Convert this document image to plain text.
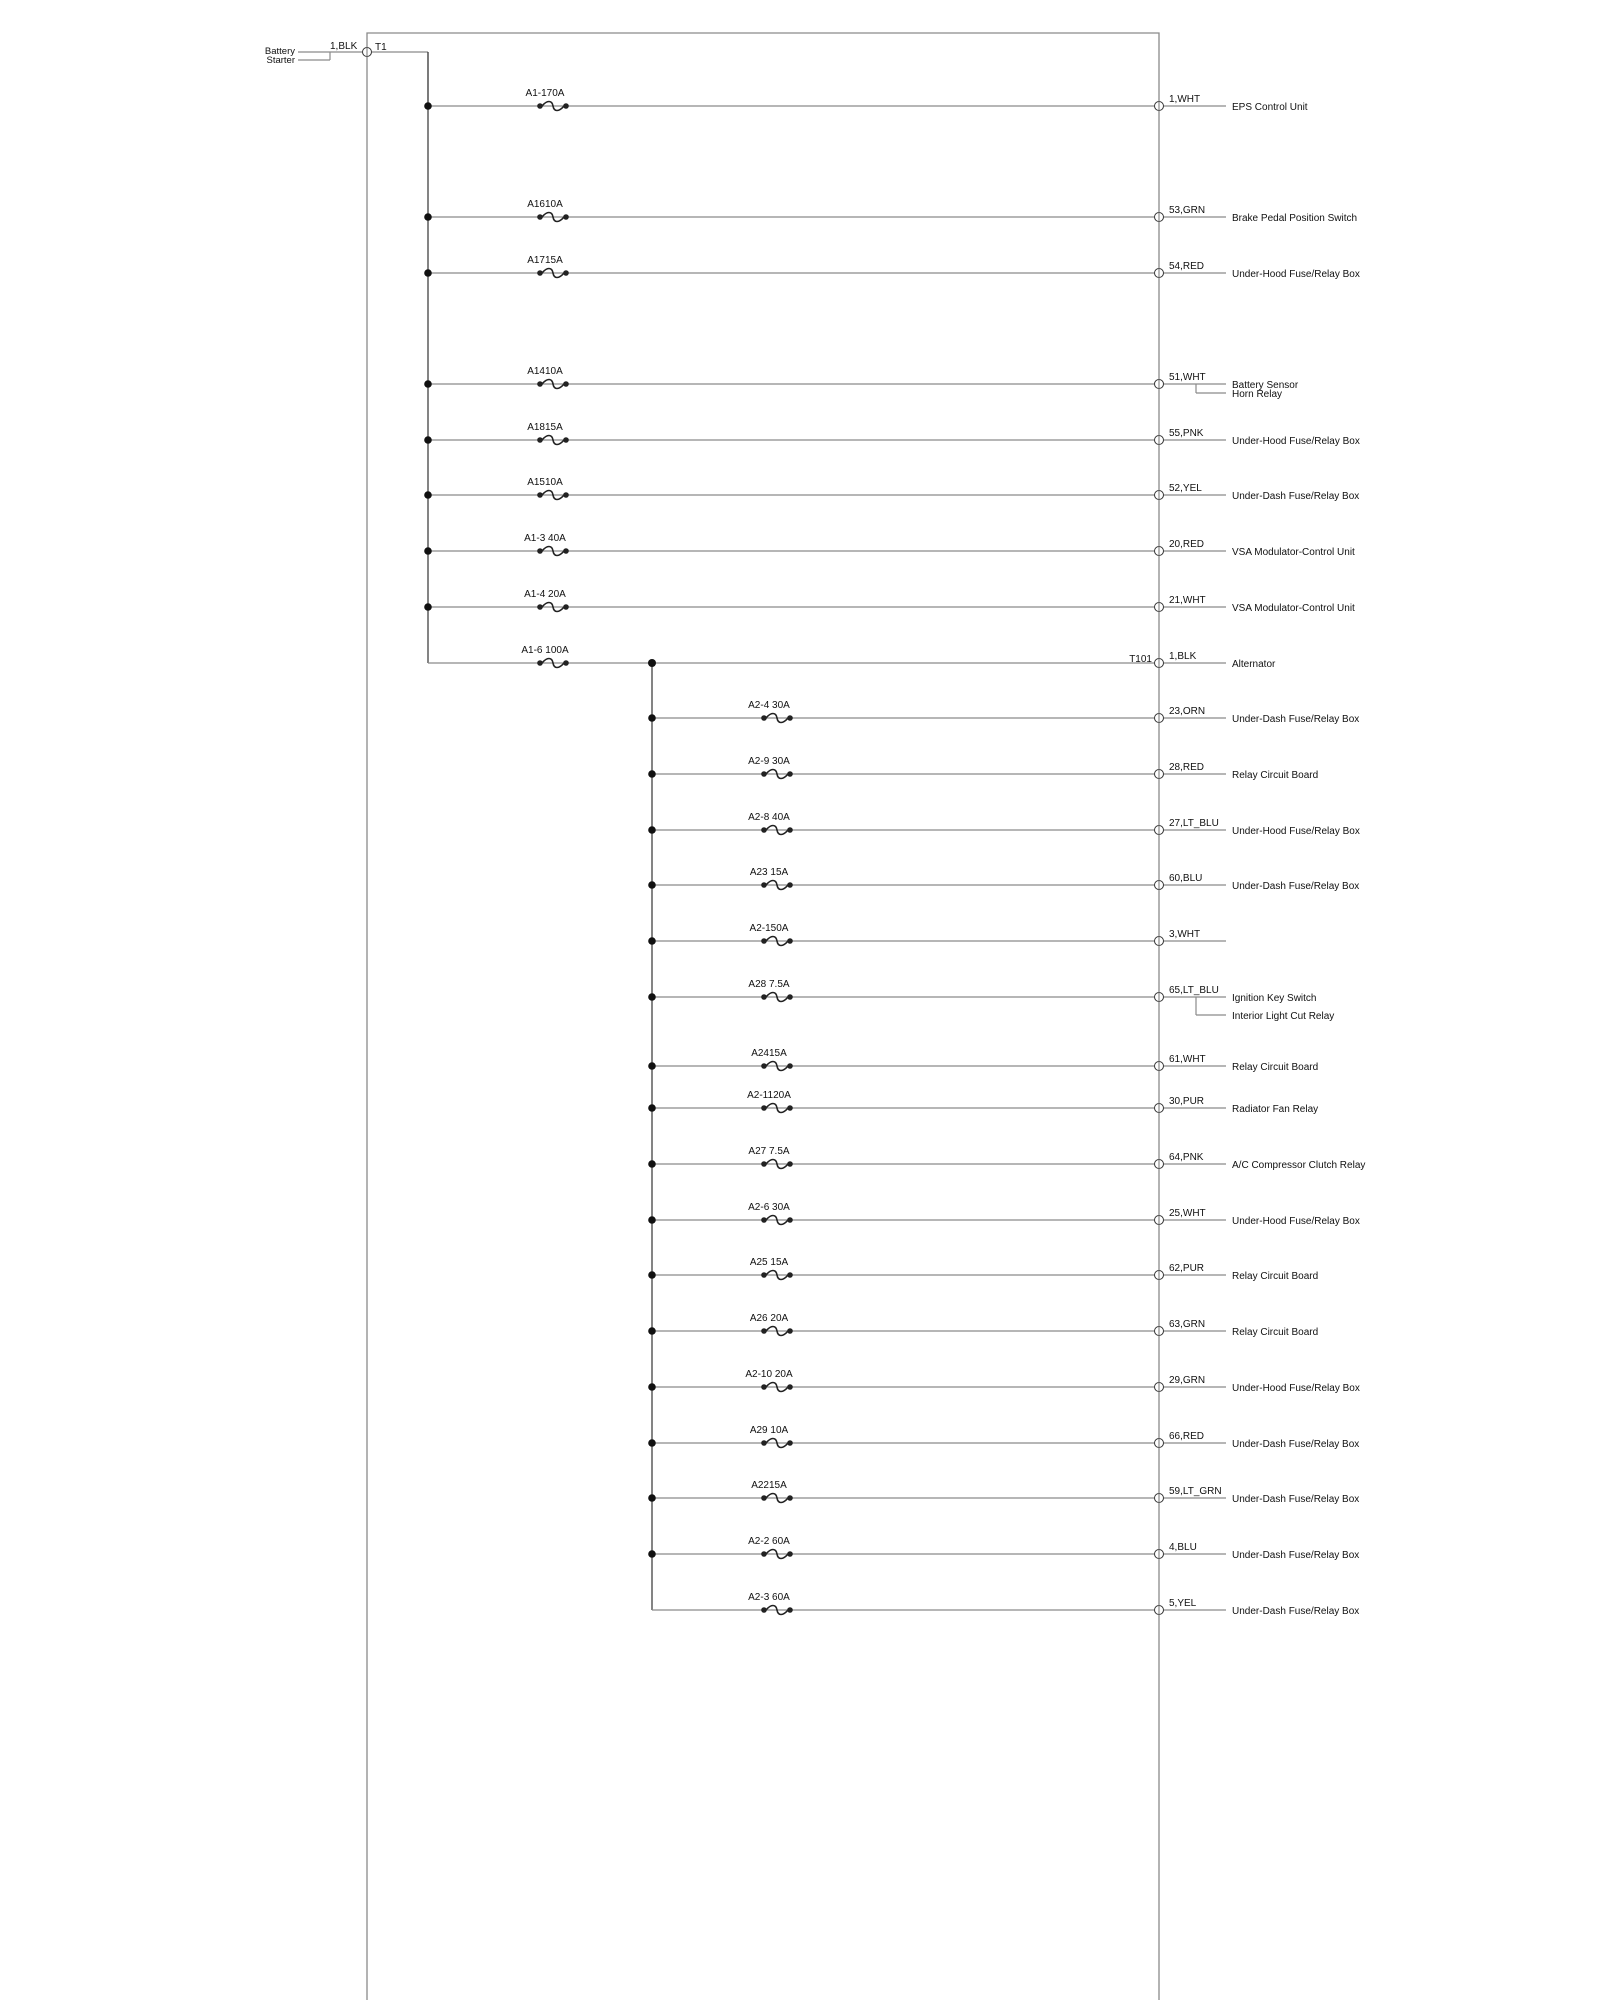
Battery
Starter
1,BLK T1
A1-170A
1,WHT
EPS Control Unit
A1610A
53,GRN
Brake Pedal Position Switch
A1715A
54,RED
Under-Hood Fuse/Relay Box
A1410A
51,WHT
Battery Sensor
Horn Relay
A1815A
55,PNK
Under-Hood Fuse/Relay Box
A1510A
52,YEL
Under-Dash Fuse/Relay Box
A1-3 40A
20,RED
VSA Modulator-Control Unit
A1-4 20A
21,WHT
VSA Modulator-Control Unit
A1-6 100A
1,BLK
Alternator
A2-4 30A
23,ORN
Under-Dash Fuse/Relay Box
A2-9 30A
28,RED
Relay Circuit Board
A2-8 40A
27,LT_BLU
Under-Hood Fuse/Relay Box
A23 15A
60,BLU
Under-Dash Fuse/Relay Box
A2-150A
3,WHT
A28 7.5A
65,LT_BLU
Ignition Key Switch
Interior Light Cut Relay
A2415A
61,WHT
Relay Circuit Board
A2-1120A
30,PUR
Radiator Fan Relay
A27 7.5A
64,PNK
A/C Compressor Clutch Relay
A2-6 30A
25,WHT
Under-Hood Fuse/Relay Box
A25 15A
62,PUR
Relay Circuit Board
A26 20A
63,GRN
Relay Circuit Board
A2-10 20A
29,GRN
Under-Hood Fuse/Relay Box
A29 10A
66,RED
Under-Dash Fuse/Relay Box
A2215A
59,LT_GRN
Under-Dash Fuse/Relay Box
A2-2 60A
4,BLU
Under-Dash Fuse/Relay Box
A2-3 60A
5,YEL
Under-Dash Fuse/Relay Box
T101
